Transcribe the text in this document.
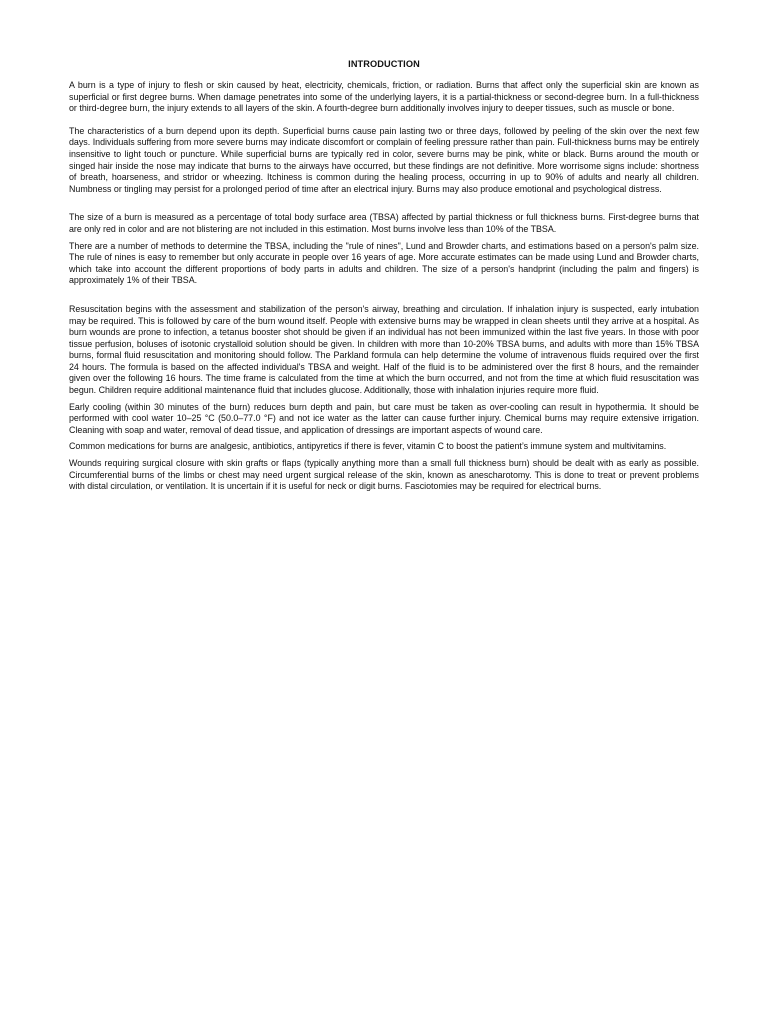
INTRODUCTION

A burn is a type of injury to flesh or skin caused by heat, electricity, chemicals, friction, or radiation. Burns that affect only the superficial skin are known as superficial or first degree burns. When damage penetrates into some of the underlying layers, it is a partial-thickness or second-degree burn. In a full-thickness or third-degree burn, the injury extends to all layers of the skin. A fourth-degree burn additionally involves injury to deeper tissues, such as muscle or bone.

The characteristics of a burn depend upon its depth. Superficial burns cause pain lasting two or three days, followed by peeling of the skin over the next few days. Individuals suffering from more severe burns may indicate discomfort or complain of feeling pressure rather than pain. Full-thickness burns may be entirely insensitive to light touch or puncture. While superficial burns are typically red in color, severe burns may be pink, white or black. Burns around the mouth or singed hair inside the nose may indicate that burns to the airways have occurred, but these findings are not definitive. More worrisome signs include: shortness of breath, hoarseness, and stridor or wheezing. Itchiness is common during the healing process, occurring in up to 90% of adults and nearly all children. Numbness or tingling may persist for a prolonged period of time after an electrical injury. Burns may also produce emotional and psychological distress.

The size of a burn is measured as a percentage of total body surface area (TBSA) affected by partial thickness or full thickness burns. First-degree burns that are only red in color and are not blistering are not included in this estimation. Most burns involve less than 10% of the TBSA.

There are a number of methods to determine the TBSA, including the "rule of nines", Lund and Browder charts, and estimations based on a person's palm size. The rule of nines is easy to remember but only accurate in people over 16 years of age. More accurate estimates can be made using Lund and Browder charts, which take into account the different proportions of body parts in adults and children. The size of a person's handprint (including the palm and fingers) is approximately 1% of their TBSA.

Resuscitation begins with the assessment and stabilization of the person's airway, breathing and circulation. If inhalation injury is suspected, early intubation may be required. This is followed by care of the burn wound itself. People with extensive burns may be wrapped in clean sheets until they arrive at a hospital. As burn wounds are prone to infection, a tetanus booster shot should be given if an individual has not been immunized within the last five years. In those with poor tissue perfusion, boluses of isotonic crystalloid solution should be given. In children with more than 10-20% TBSA burns, and adults with more than 15% TBSA burns, formal fluid resuscitation and monitoring should follow. The Parkland formula can help determine the volume of intravenous fluids required over the first 24 hours. The formula is based on the affected individual's TBSA and weight. Half of the fluid is to be administered over the first 8 hours, and the remainder given over the following 16 hours. The time frame is calculated from the time at which the burn occurred, and not from the time at which fluid resuscitation was begun. Children require additional maintenance fluid that includes glucose. Additionally, those with inhalation injuries require more fluid.

Early cooling (within 30 minutes of the burn) reduces burn depth and pain, but care must be taken as over-cooling can result in hypothermia. It should be performed with cool water 10–25 °C (50.0–77.0 °F) and not ice water as the latter can cause further injury. Chemical burns may require extensive irrigation. Cleaning with soap and water, removal of dead tissue, and application of dressings are important aspects of wound care.

Common medications for burns are analgesic, antibiotics, antipyretics if there is fever, vitamin C to boost the patient’s immune system and multivitamins.

Wounds requiring surgical closure with skin grafts or flaps (typically anything more than a small full thickness burn) should be dealt with as early as possible. Circumferential burns of the limbs or chest may need urgent surgical release of the skin, known as anescharotomy. This is done to treat or prevent problems with distal circulation, or ventilation. It is uncertain if it is useful for neck or digit burns. Fasciotomies may be required for electrical burns.
